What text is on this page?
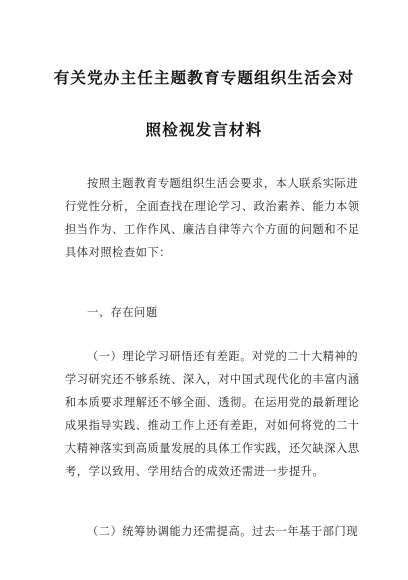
有关党办主任主题教育专题组织生活会对
照检视发言材料
按照主题教育专题组织生活会要求，本人联系实际进
行党性分析，全面查找在理论学习、政治素养、能力本领
担当作为、工作作风、廉洁自律等六个方面的问题和不足
具体对照检查如下：
一、存在问题
（一）理论学习研悟还有差距。对党的二十大精神的
学习研究还不够系统、深入，对中国式现代化的丰富内涵
和本质要求理解还不够全面、透彻。在运用党的最新理论
成果指导实践、推动工作上还有差距，对如何将党的二十
大精神落实到高质量发展的具体工作实践，还欠缺深入思
考，学以致用、学用结合的成效还需进一步提升。
（二）统筹协调能力还需提高。过去一年基于部门现
